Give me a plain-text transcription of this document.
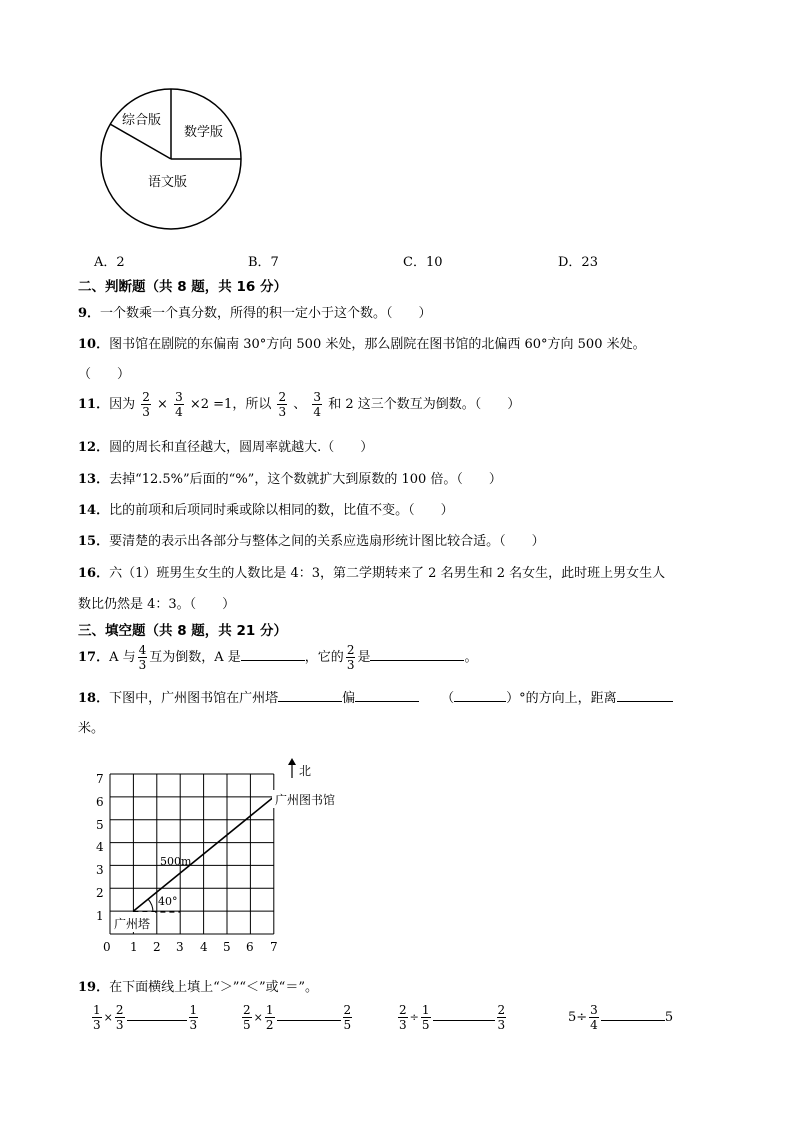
综合版
数学版
语文版
A．2	B．7	C．10	D．23
二、判断题（共 8 题，共 16 分）
9．一个数乘一个真分数，所得的积一定小于这个数。（　　）
10．图书馆在剧院的东偏南 30°方向 500 米处，那么剧院在图书馆的北偏西 60°方向 500 米处。
（　　）
11．因为 $\frac{2}{3} \times \frac{3}{4} \times 2 =1$，所以 $\frac{2}{3}$ 、 $\frac{3}{4}$ 和 2 这三个数互为倒数。（　　）
12．圆的周长和直径越大，圆周率就越大.（　　）
13．去掉“12.5%”后面的“%”，这个数就扩大到原数的 100 倍。（　　）
14．比的前项和后项同时乘或除以相同的数，比值不变。（　　）
15．要清楚的表示出各部分与整体之间的关系应选扇形统计图比较合适。（　　）
16．六（1）班男生女生的人数比是 4：3，第二学期转来了 2 名男生和 2 名女生，此时班上男女生人
数比仍然是 4：3。（　　）
三、填空题（共 8 题，共 21 分）
17．A 与 $\frac{4}{3}$ 互为倒数，A 是	，它的 $\frac{2}{3}$ 是	。
18．下图中，广州图书馆在广州塔	偏	（	）°的方向上，距离
米。
广州塔
40°
500m
广州图书馆
北
1
2
3
4
5
6
7
0 1 2 3 4 5 6 7
19．在下面横线上填上“＞”“＜”或“＝”。
$\frac{1}{3} \times \frac{2}{3}$	$\frac{1}{3}$	$\frac{2}{5} \times \frac{1}{2}$	$\frac{2}{5}$	$\frac{2}{3} \div \frac{1}{5}$	$\frac{2}{3}$	$5\div \frac{3}{4}$	5
